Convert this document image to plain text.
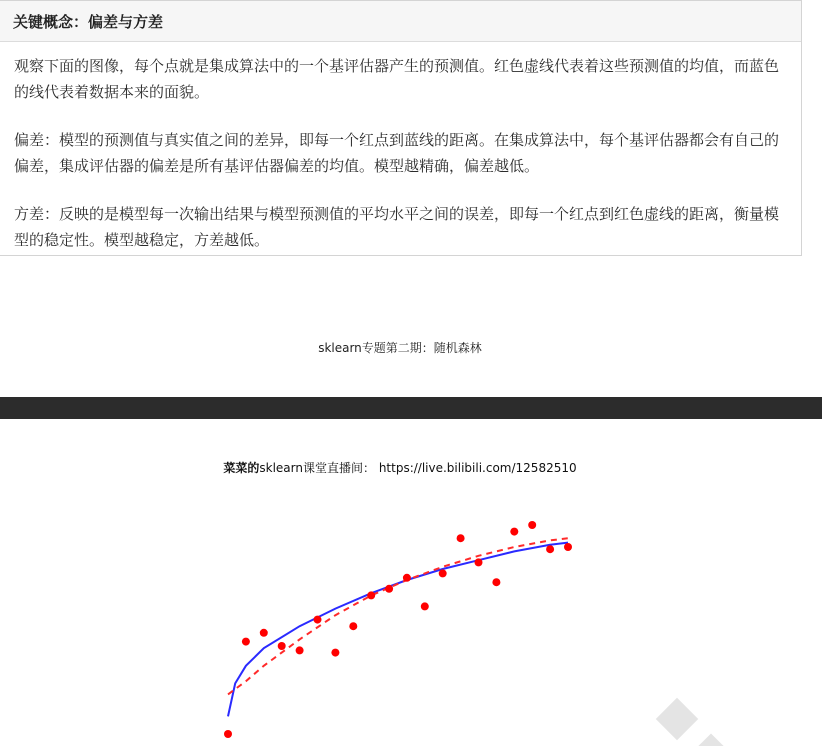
关键概念：偏差与方差

观察下面的图像，每个点就是集成算法中的一个基评估器产生的预测值。红色虚线代表着这些预测值的均值，而蓝色的线代表着数据本来的面貌。

偏差：模型的预测值与真实值之间的差异，即每一个红点到蓝线的距离。在集成算法中，每个基评估器都会有自己的偏差，集成评估器的偏差是所有基评估器偏差的均值。模型越精确，偏差越低。

方差：反映的是模型每一次输出结果与模型预测值的平均水平之间的误差，即每一个红点到红色虚线的距离，衡量模型的稳定性。模型越稳定，方差越低。

sklearn专题第二期：随机森林
菜菜的sklearn课堂直播间： https://live.bilibili.com/12582510
